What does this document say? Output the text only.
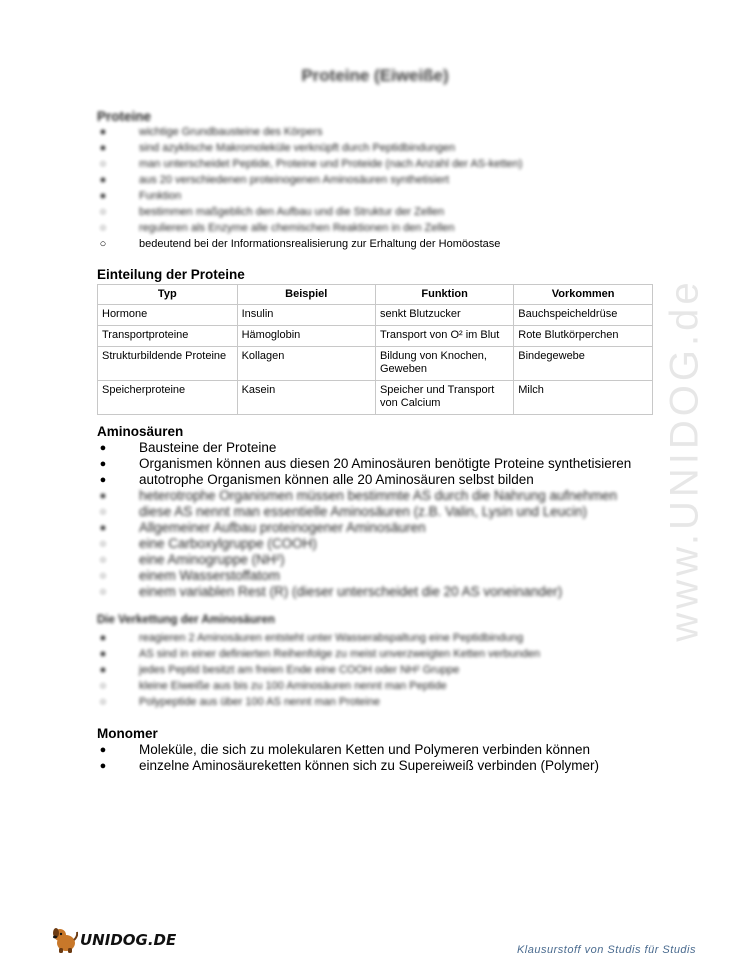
Proteine (Eiweiße)
Proteine
●	wichtige Grundbausteine des Körpers
●	sind azyklische Makromoleküle verknüpft durch Peptidbindungen
○	man unterscheidet Peptide, Proteine und Proteide (nach Anzahl der AS-ketten)
●	aus 20 verschiedenen proteinogenen Aminosäuren synthetisiert
●	Funktion
○	bestimmen maßgeblich den Aufbau und die Struktur der Zellen
○	regulieren als Enzyme alle chemischen Reaktionen in den Zellen
○	bedeutend bei der Informationsrealisierung zur Erhaltung der Homöostase
Einteilung der Proteine
Typ	Beispiel	Funktion	Vorkommen
Hormone	Insulin	senkt Blutzucker	Bauchspeicheldrüse
Transportproteine	Hämoglobin	Transport von O² im Blut	Rote Blutkörperchen
Strukturbildende Proteine	Kollagen	Bildung von Knochen, Geweben	Bindegewebe
Speicherproteine	Kasein	Speicher und Transport von Calcium	Milch
Aminosäuren
● Bausteine der Proteine
● Organismen können aus diesen 20 Aminosäuren benötigte Proteine synthetisieren
● autotrophe Organismen können alle 20 Aminosäuren selbst bilden
● heterotrophe Organismen müssen bestimmte AS durch die Nahrung aufnehmen
○ diese AS nennt man essentielle Aminosäuren (z.B. Valin, Lysin und Leucin)
● Allgemeiner Aufbau proteinogener Aminosäuren
○ eine Carboxylgruppe (COOH)
○ eine Aminogruppe (NH²)
○ einem Wasserstoffatom
○ einem variablen Rest (R) (dieser unterscheidet die 20 AS voneinander)
Die Verkettung der Aminosäuren
●	reagieren 2 Aminosäuren entsteht unter Wasserabspaltung eine Peptidbindung
●	AS sind in einer definierten Reihenfolge zu meist unverzweigten Ketten verbunden
●	jedes Peptid besitzt am freien Ende eine COOH oder NH² Gruppe
○	kleine Eiweiße aus bis zu 100 Aminosäuren nennt man Peptide
○	Polypeptide aus über 100 AS nennt man Proteine
Monomer
● Moleküle, die sich zu molekularen Ketten und Polymeren verbinden können
● einzelne Aminosäureketten können sich zu Supereiweiß verbinden (Polymer)
www.UNIDOG.de
UNIDOG.DE
Klausurstoff von Studis für Studis
